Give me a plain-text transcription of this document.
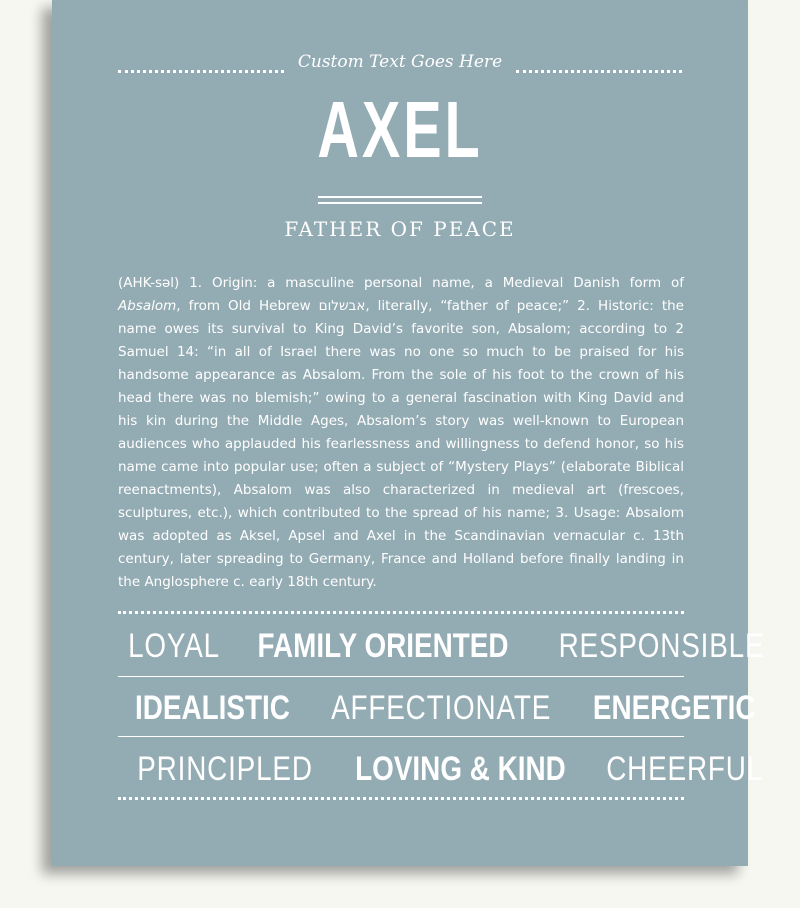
Custom Text Goes Here
AXEL
FATHER OF PEACE
(AHK-səl) 1. Origin: a masculine personal name, a Medieval Danish form of Absalom, from Old Hebrew אבשלום, literally, “father of peace;” 2. Historic: the name owes its survival to King David’s favorite son, Absalom; according to 2 Samuel 14: “in all of Israel there was no one so much to be praised for his handsome appearance as Absalom. From the sole of his foot to the crown of his head there was no blemish;” owing to a general fascination with King David and his kin during the Middle Ages, Absalom’s story was well-known to European audiences who applauded his fearlessness and willingness to defend honor, so his name came into popular use; often a subject of “Mystery Plays” (elaborate Biblical reenactments), Absalom was also characterized in medieval art (frescoes, sculptures, etc.), which contributed to the spread of his name; 3. Usage: Absalom was adopted as Aksel, Apsel and Axel in the Scandinavian vernacular c. 13th century, later spreading to Germany, France and Holland before finally landing in the Anglosphere c. early 18th century.
LOYAL FAMILY ORIENTED RESPONSIBLE
IDEALISTIC AFFECTIONATE ENERGETIC
PRINCIPLED LOVING & KIND CHEERFUL
